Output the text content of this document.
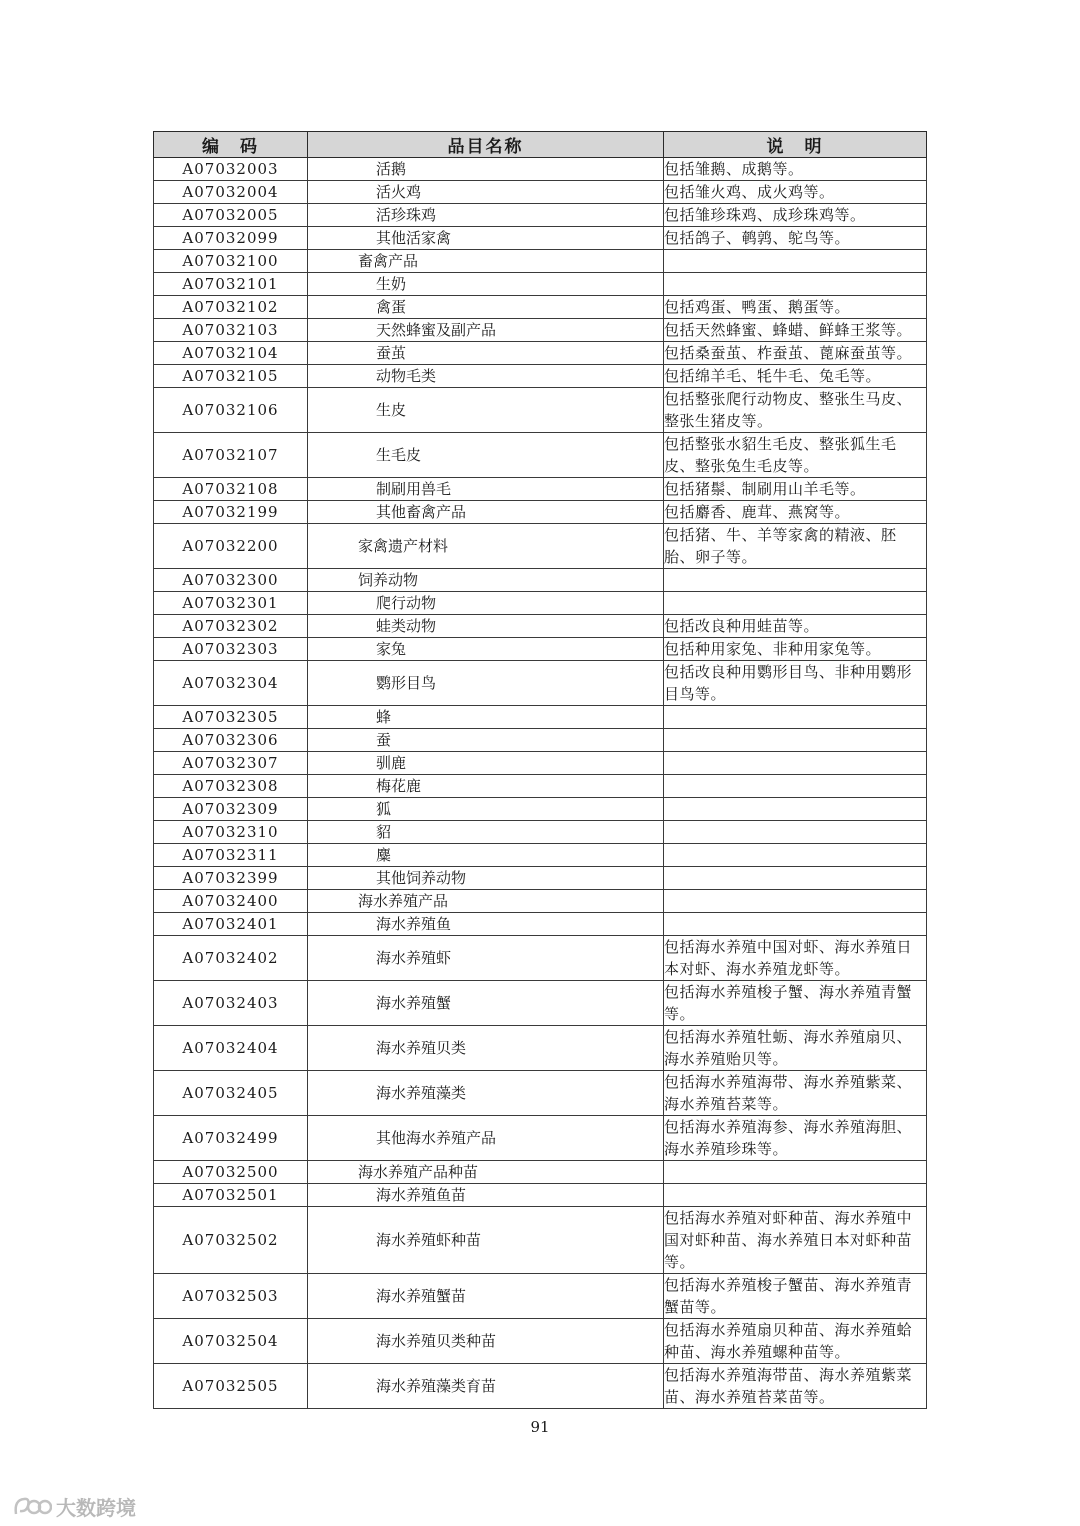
编　码	品目名称	说　明
A07032003	活鹅	包括雏鹅、成鹅等。
A07032004	活火鸡	包括雏火鸡、成火鸡等。
A07032005	活珍珠鸡	包括雏珍珠鸡、成珍珠鸡等。
A07032099	其他活家禽	包括鸽子、鹌鹑、鸵鸟等。
A07032100	畜禽产品	
A07032101	生奶	
A07032102	禽蛋	包括鸡蛋、鸭蛋、鹅蛋等。
A07032103	天然蜂蜜及副产品	包括天然蜂蜜、蜂蜡、鲜蜂王浆等。
A07032104	蚕茧	包括桑蚕茧、柞蚕茧、蓖麻蚕茧等。
A07032105	动物毛类	包括绵羊毛、牦牛毛、兔毛等。
A07032106	生皮	包括整张爬行动物皮、整张生马皮、整张生猪皮等。
A07032107	生毛皮	包括整张水貂生毛皮、整张狐生毛皮、整张兔生毛皮等。
A07032108	制刷用兽毛	包括猪鬃、制刷用山羊毛等。
A07032199	其他畜禽产品	包括麝香、鹿茸、燕窝等。
A07032200	家禽遗产材料	包括猪、牛、羊等家禽的精液、胚胎、卵子等。
A07032300	饲养动物	
A07032301	爬行动物	
A07032302	蛙类动物	包括改良种用蛙苗等。
A07032303	家兔	包括种用家兔、非种用家兔等。
A07032304	鹦形目鸟	包括改良种用鹦形目鸟、非种用鹦形目鸟等。
A07032305	蜂	
A07032306	蚕	
A07032307	驯鹿	
A07032308	梅花鹿	
A07032309	狐	
A07032310	貂	
A07032311	麋	
A07032399	其他饲养动物	
A07032400	海水养殖产品	
A07032401	海水养殖鱼	
A07032402	海水养殖虾	包括海水养殖中国对虾、海水养殖日本对虾、海水养殖龙虾等。
A07032403	海水养殖蟹	包括海水养殖梭子蟹、海水养殖青蟹等。
A07032404	海水养殖贝类	包括海水养殖牡蛎、海水养殖扇贝、海水养殖贻贝等。
A07032405	海水养殖藻类	包括海水养殖海带、海水养殖紫菜、海水养殖苔菜等。
A07032499	其他海水养殖产品	包括海水养殖海参、海水养殖海胆、海水养殖珍珠等。
A07032500	海水养殖产品种苗	
A07032501	海水养殖鱼苗	
A07032502	海水养殖虾种苗	包括海水养殖对虾种苗、海水养殖中国对虾种苗、海水养殖日本对虾种苗等。
A07032503	海水养殖蟹苗	包括海水养殖梭子蟹苗、海水养殖青蟹苗等。
A07032504	海水养殖贝类种苗	包括海水养殖扇贝种苗、海水养殖蛤种苗、海水养殖螺种苗等。
A07032505	海水养殖藻类育苗	包括海水养殖海带苗、海水养殖紫菜苗、海水养殖苔菜苗等。
91
大数跨境
